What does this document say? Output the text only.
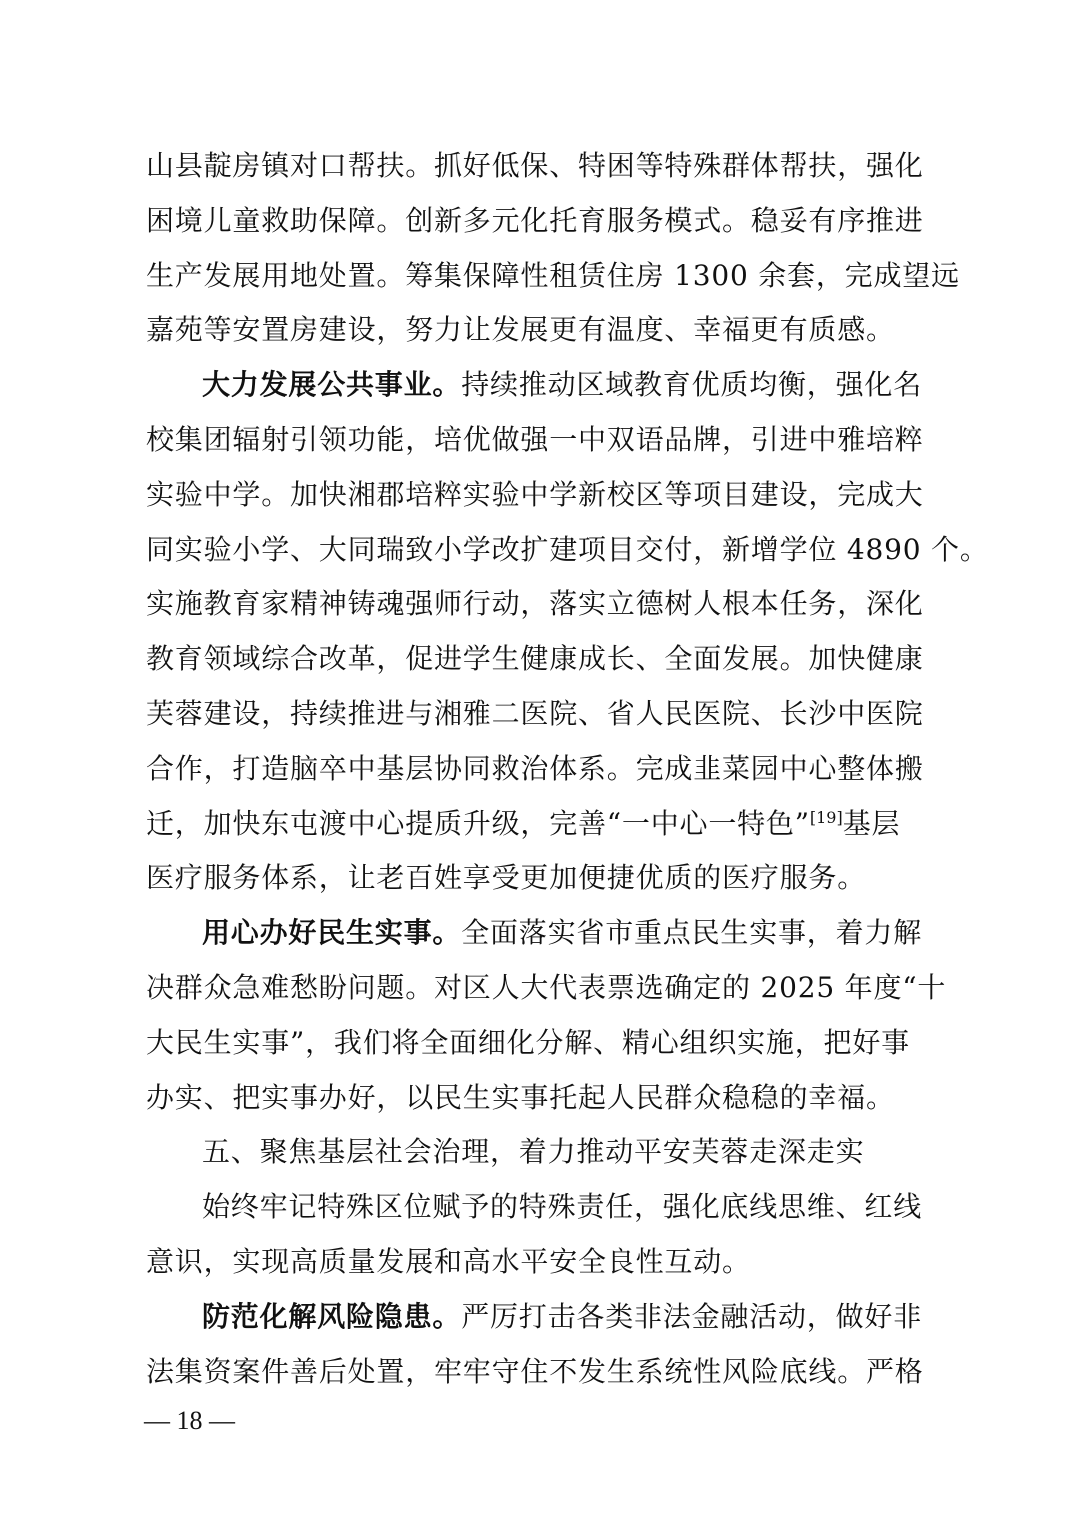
山县靛房镇对口帮扶。抓好低保、特困等特殊群体帮扶，强化

困境儿童救助保障。创新多元化托育服务模式。稳妥有序推进

生产发展用地处置。筹集保障性租赁住房 1300 余套，完成望远

嘉苑等安置房建设，努力让发展更有温度、幸福更有质感。

大力发展公共事业。持续推动区域教育优质均衡，强化名

校集团辐射引领功能，培优做强一中双语品牌，引进中雅培粹

实验中学。加快湘郡培粹实验中学新校区等项目建设，完成大

同实验小学、大同瑞致小学改扩建项目交付，新增学位 4890 个。

实施教育家精神铸魂强师行动，落实立德树人根本任务，深化

教育领域综合改革，促进学生健康成长、全面发展。加快健康

芙蓉建设，持续推进与湘雅二医院、省人民医院、长沙中医院

合作，打造脑卒中基层协同救治体系。完成韭菜园中心整体搬

迁，加快东屯渡中心提质升级，完善“一中心一特色”[19]基层

医疗服务体系，让老百姓享受更加便捷优质的医疗服务。

用心办好民生实事。全面落实省市重点民生实事，着力解

决群众急难愁盼问题。对区人大代表票选确定的 2025 年度“十

大民生实事”，我们将全面细化分解、精心组织实施，把好事

办实、把实事办好，以民生实事托起人民群众稳稳的幸福。

五、聚焦基层社会治理，着力推动平安芙蓉走深走实

始终牢记特殊区位赋予的特殊责任，强化底线思维、红线

意识，实现高质量发展和高水平安全良性互动。

防范化解风险隐患。严厉打击各类非法金融活动，做好非

法集资案件善后处置，牢牢守住不发生系统性风险底线。严格

— 18 —
